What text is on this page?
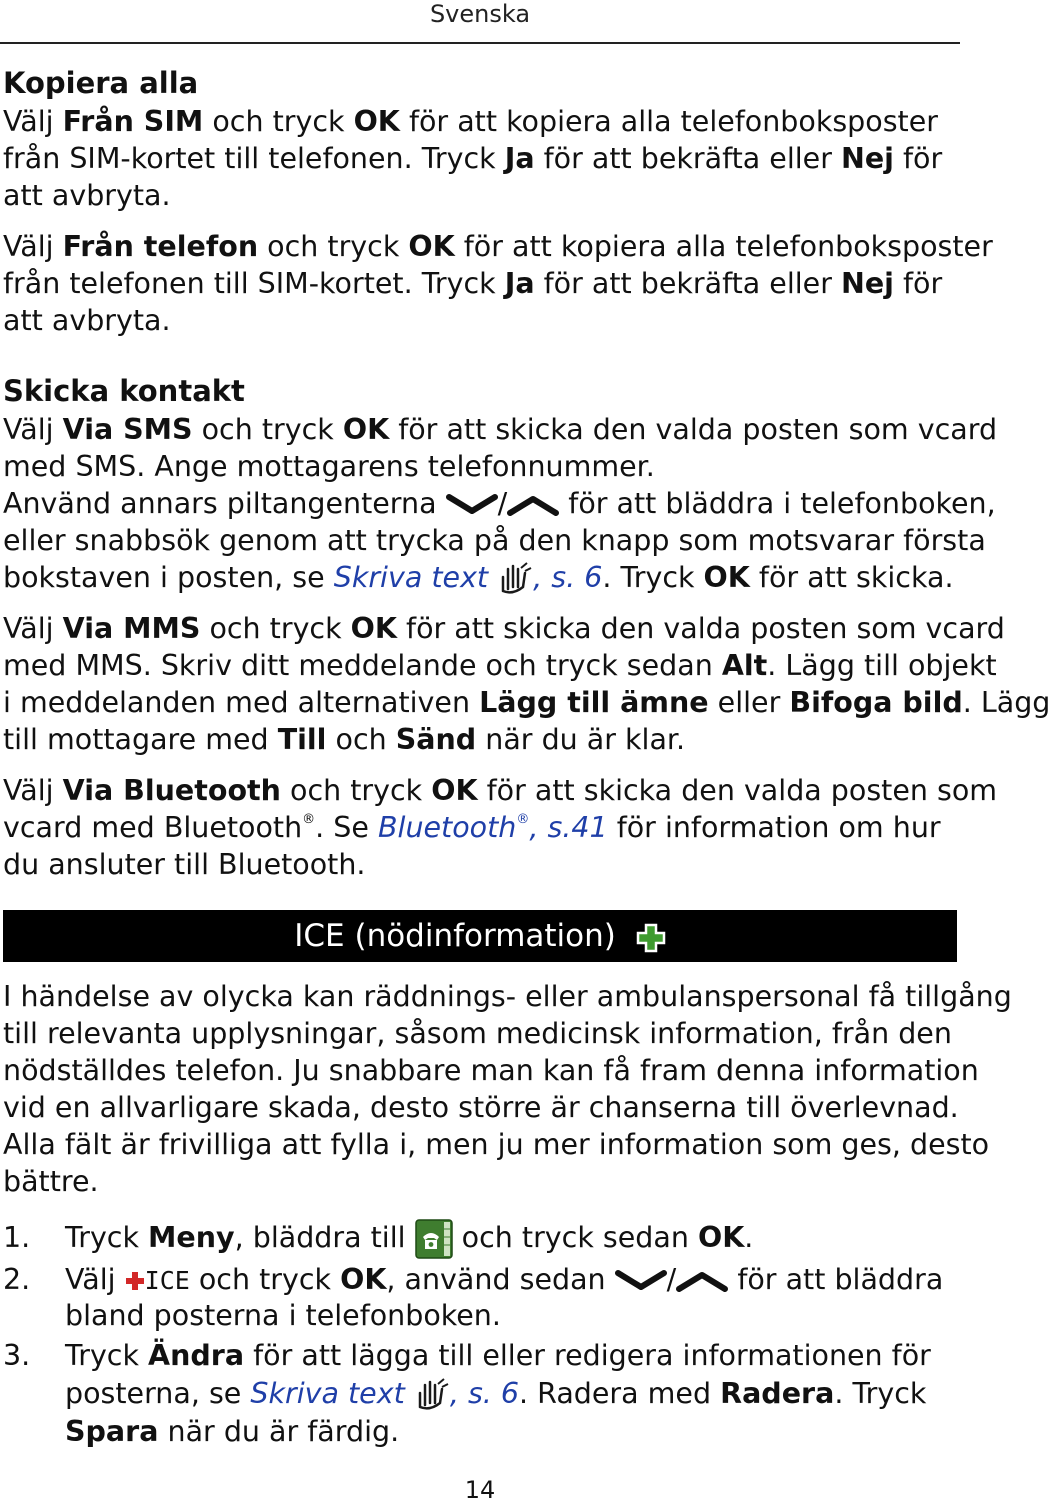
Svenska
Kopiera alla
Välj Från SIM och tryck OK för att kopiera alla telefonboksposter
från SIM-kortet till telefonen. Tryck Ja för att bekräfta eller Nej för
att avbryta.
Välj Från telefon och tryck OK för att kopiera alla telefonboksposter
från telefonen till SIM-kortet. Tryck Ja för att bekräfta eller Nej för
att avbryta.
Skicka kontakt
Välj Via SMS och tryck OK för att skicka den valda posten som vcard
med SMS. Ange mottagarens telefonnummer.
Använd annars piltangenterna / för att bläddra i telefonboken,
eller snabbsök genom att trycka på den knapp som motsvarar första
bokstaven i posten, se Skriva text , s. 6. Tryck OK för att skicka.
Välj Via MMS och tryck OK för att skicka den valda posten som vcard
med MMS. Skriv ditt meddelande och tryck sedan Alt. Lägg till objekt
i meddelanden med alternativen Lägg till ämne eller Bifoga bild. Lägg
till mottagare med Till och Sänd när du är klar.
Välj Via Bluetooth och tryck OK för att skicka den valda posten som
vcard med Bluetooth®. Se Bluetooth®, s.41 för information om hur
du ansluter till Bluetooth.
ICE (nödinformation)
I händelse av olycka kan räddnings- eller ambulanspersonal få tillgång
till relevanta upplysningar, såsom medicinsk information, från den
nödställdes telefon. Ju snabbare man kan få fram denna information
vid en allvarligare skada, desto större är chanserna till överlevnad.
Alla fält är frivilliga att fylla i, men ju mer information som ges, desto
bättre.
1. Tryck Meny, bläddra till  och tryck sedan OK.
2. Välj ICE och tryck OK, använd sedan / för att bläddra
bland posterna i telefonboken.
3. Tryck Ändra för att lägga till eller redigera informationen för
posterna, se Skriva text , s. 6. Radera med Radera. Tryck
Spara när du är färdig.
14
